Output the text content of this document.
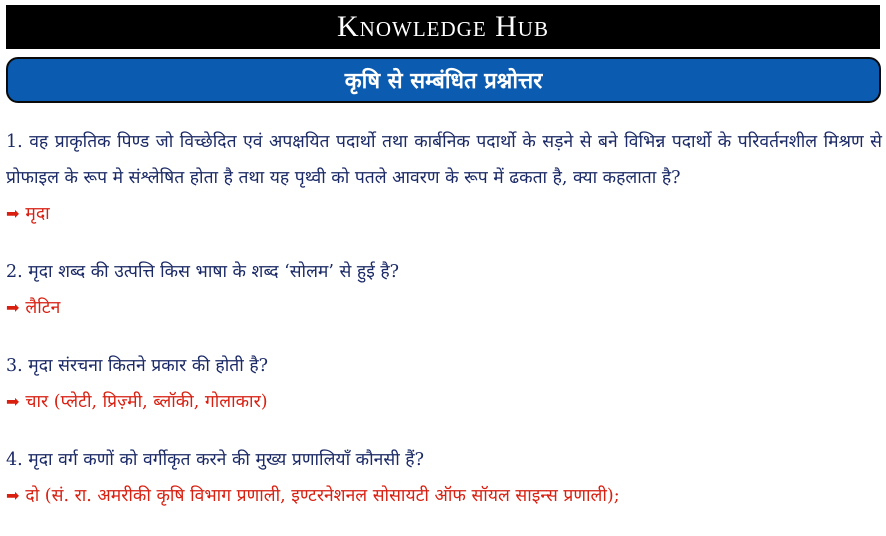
Knowledge Hub
कृषि से सम्बंधित प्रश्नोत्तर

1. वह प्राकृतिक पिण्ड जो विच्छेदित एवं अपक्षयित पदार्थो तथा कार्बनिक पदार्थो के सड़ने से बने विभिन्न पदार्थो के परिवर्तनशील मिश्रण से प्रोफाइल के रूप मे संश्लेषित होता है तथा यह पृथ्वी को पतले आवरण के रूप में ढकता है, क्या कहलाता है?

➡ मृदा

2. मृदा शब्द की उत्पत्ति किस भाषा के शब्द ‘सोलम’ से हुई है?

➡ लैटिन

3. मृदा संरचना कितने प्रकार की होती है?

➡ चार (प्लेटी, प्रिज़्मी, ब्लॉकी, गोलाकार)

4. मृदा वर्ग कणों को वर्गीकृत करने की मुख्य प्रणालियाँ कौनसी हैं?

➡ दो (सं. रा. अमरीकी कृषि विभाग प्रणाली, इण्टरनेशनल सोसायटी ऑफ सॉयल साइन्स प्रणाली);
